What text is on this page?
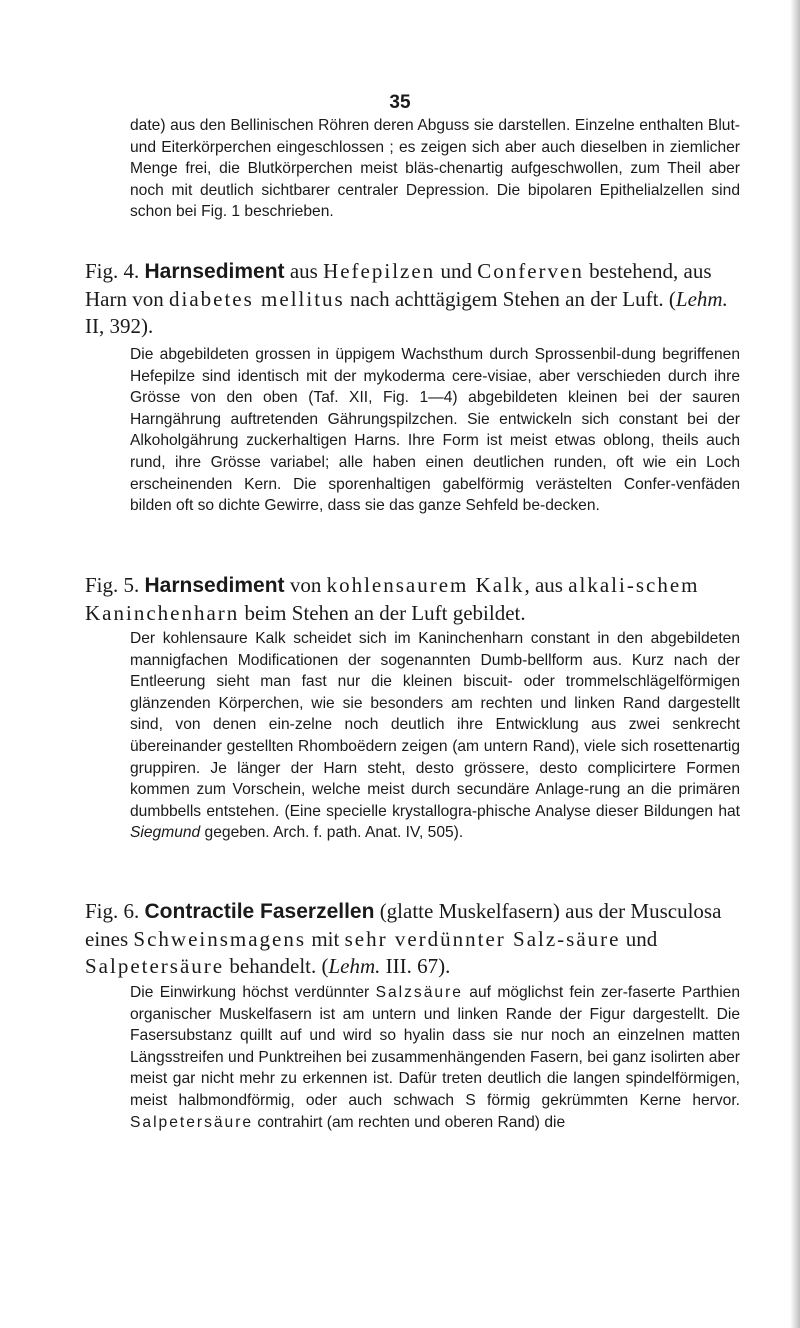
35

date) aus den Bellinischen Röhren deren Abguss sie darstellen. Einzelne enthalten Blut- und Eiterkörperchen eingeschlossen ; es zeigen sich aber auch dieselben in ziemlicher Menge frei, die Blutkörperchen meist bläs-chenartig aufgeschwollen, zum Theil aber noch mit deutlich sichtbarer centraler Depression. Die bipolaren Epithelialzellen sind schon bei Fig. 1 beschrieben.

Fig. 4. Harnsediment aus Hefepilzen und Conferven bestehend, aus Harn von diabetes mellitus nach achttägigem Stehen an der Luft. (Lehm. II, 392).

Die abgebildeten grossen in üppigem Wachsthum durch Sprossenbil-dung begriffenen Hefepilze sind identisch mit der mykoderma cere-visiae, aber verschieden durch ihre Grösse von den oben (Taf. XII, Fig. 1—4) abgebildeten kleinen bei der sauren Harngährung auftretenden Gährungspilzchen. Sie entwickeln sich constant bei der Alkoholgährung zuckerhaltigen Harns. Ihre Form ist meist etwas oblong, theils auch rund, ihre Grösse variabel; alle haben einen deutlichen runden, oft wie ein Loch erscheinenden Kern. Die sporenhaltigen gabelförmig verästelten Confer-venfäden bilden oft so dichte Gewirre, dass sie das ganze Sehfeld be-decken.

Fig. 5. Harnsediment von kohlensaurem Kalk, aus alkali-schem Kaninchenharn beim Stehen an der Luft gebildet.

Der kohlensaure Kalk scheidet sich im Kaninchenharn constant in den abgebildeten mannigfachen Modificationen der sogenannten Dumb-bellform aus. Kurz nach der Entleerung sieht man fast nur die kleinen biscuit- oder trommelschlägelförmigen glänzenden Körperchen, wie sie besonders am rechten und linken Rand dargestellt sind, von denen ein-zelne noch deutlich ihre Entwicklung aus zwei senkrecht übereinander gestellten Rhomboëdern zeigen (am untern Rand), viele sich rosettenartig gruppiren. Je länger der Harn steht, desto grössere, desto complicirtere Formen kommen zum Vorschein, welche meist durch secundäre Anlage-rung an die primären dumbbells entstehen. (Eine specielle krystallogra-phische Analyse dieser Bildungen hat Siegmund gegeben. Arch. f. path. Anat. IV, 505).

Fig. 6. Contractile Faserzellen (glatte Muskelfasern) aus der Musculosa eines Schweinsmagens mit sehr verdünnter Salz-säure und Salpetersäure behandelt. (Lehm. III. 67).

Die Einwirkung höchst verdünnter Salzsäure auf möglichst fein zer-faserte Parthien organischer Muskelfasern ist am untern und linken Rande der Figur dargestellt. Die Fasersubstanz quillt auf und wird so hyalin dass sie nur noch an einzelnen matten Längsstreifen und Punktreihen bei zusammenhängenden Fasern, bei ganz isolirten aber meist gar nicht mehr zu erkennen ist. Dafür treten deutlich die langen spindelförmigen, meist halbmondförmig, oder auch schwach S förmig gekrümmten Kerne hervor. Salpetersäure contrahirt (am rechten und oberen Rand) die
